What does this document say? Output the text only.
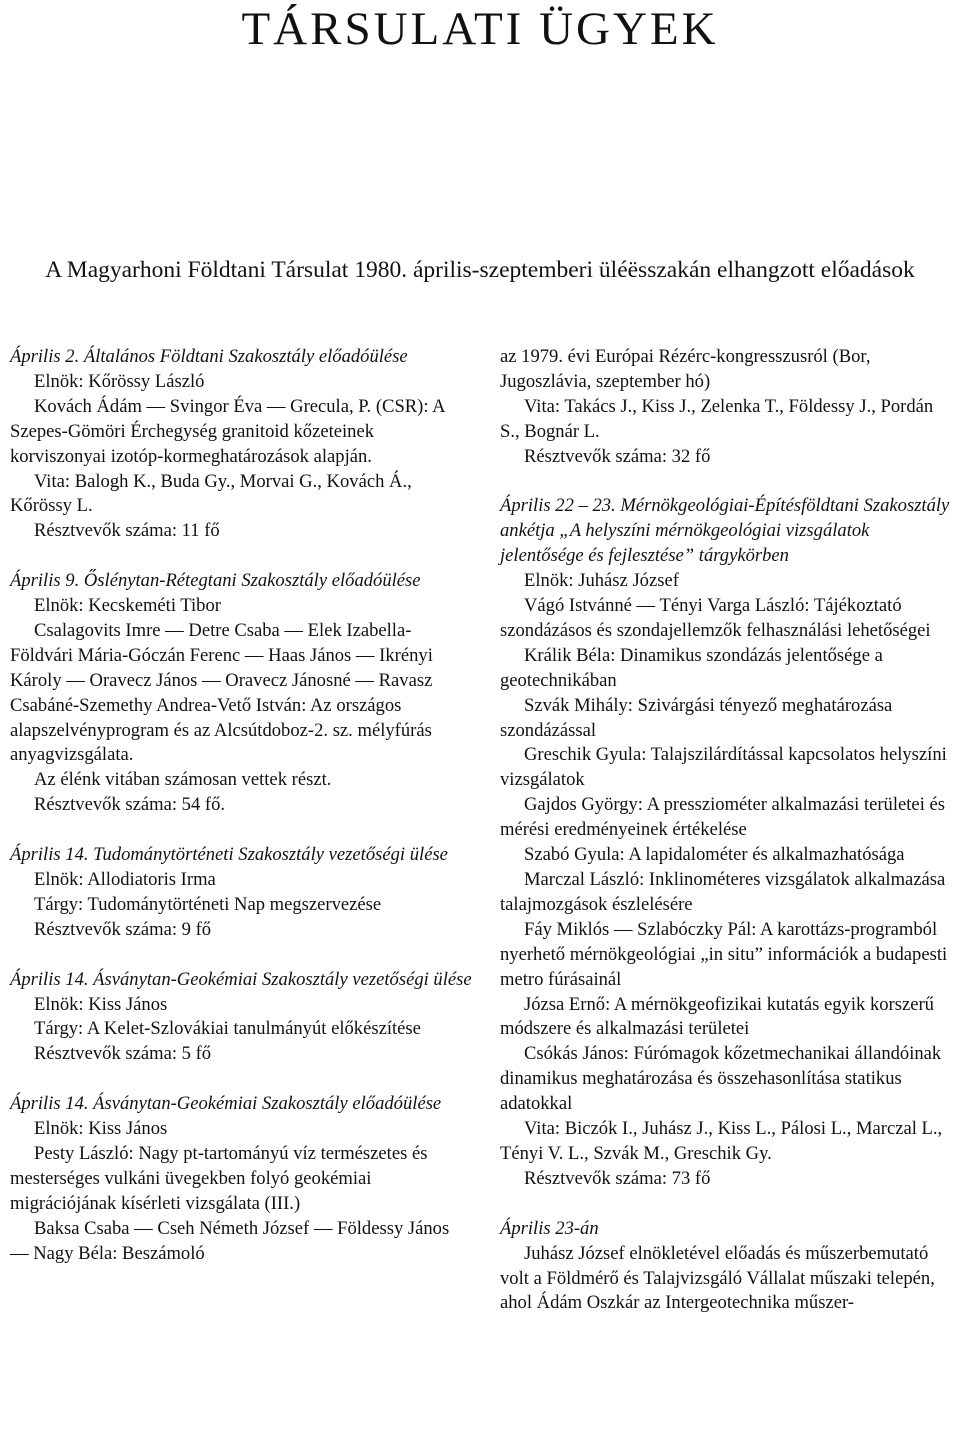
TÁRSULATI ÜGYEK

A Magyarhoni Földtani Társulat 1980. április-szeptemberi üléësszakán elhangzott előadások

Április 2. Általános Földtani Szakosztály előadóülése

Elnök: Kőrössy László

Kovách Ádám — Svingor Éva — Grecula, P. (CSR): A Szepes-Gömöri Érchegység granitoid kőzeteinek korviszonyai izotóp-kormeghatározások alapján.

Vita: Balogh K., Buda Gy., Morvai G., Kovách Á., Kőrössy L.

Résztvevők száma: 11 fő

Április 9. Őslénytan-Rétegtani Szakosztály előadóülése

Elnök: Kecskeméti Tibor

Csalagovits Imre — Detre Csaba — Elek Izabella-Földvári Mária-Góczán Ferenc — Haas János — Ikrényi Károly — Oravecz János — Oravecz Jánosné — Ravasz Csabáné-Szemethy Andrea-Vető István: Az országos alapszelvényprogram és az Alcsútdoboz-2. sz. mélyfúrás anyagvizsgálata.

Az élénk vitában számosan vettek részt.

Résztvevők száma: 54 fő.

Április 14. Tudománytörténeti Szakosztály vezetőségi ülése

Elnök: Allodiatoris Irma

Tárgy: Tudománytörténeti Nap megszervezése

Résztvevők száma: 9 fő

Április 14. Ásványtan-Geokémiai Szakosztály vezetőségi ülése

Elnök: Kiss János

Tárgy: A Kelet-Szlovákiai tanulmányút előkészítése

Résztvevők száma: 5 fő

Április 14. Ásványtan-Geokémiai Szakosztály előadóülése

Elnök: Kiss János

Pesty László: Nagy pt-tartományú víz természetes és mesterséges vulkáni üvegekben folyó geokémiai migrációjának kísérleti vizsgálata (III.)

Baksa Csaba — Cseh Németh József — Földessy János — Nagy Béla: Beszámoló

az 1979. évi Európai Rézérc-kongresszusról (Bor, Jugoszlávia, szeptember hó)

Vita: Takács J., Kiss J., Zelenka T., Földessy J., Pordán S., Bognár L.

Résztvevők száma: 32 fő

Április 22 – 23. Mérnökgeológiai-Építésföldtani Szakosztály ankétja „A helyszíni mérnökgeológiai vizsgálatok jelentősége és fejlesztése” tárgykörben

Elnök: Juhász József

Vágó Istvánné — Tényi Varga László: Tájékoztató szondázásos és szondajellemzők felhasználási lehetőségei

Králik Béla: Dinamikus szondázás jelentősége a geotechnikában

Szvák Mihály: Szivárgási tényező meghatározása szondázással

Greschik Gyula: Talajszilárdítással kapcsolatos helyszíni vizsgálatok

Gajdos György: A pressziométer alkalmazási területei és mérési eredményeinek értékelése

Szabó Gyula: A lapidalométer és alkalmazhatósága

Marczal László: Inklinométeres vizsgálatok alkalmazása talajmozgások észlelésére

Fáy Miklós — Szlabóczky Pál: A karottázs-programból nyerhető mérnökgeológiai „in situ” információk a budapesti metro fúrásainál

Józsa Ernő: A mérnökgeofizikai kutatás egyik korszerű módszere és alkalmazási területei

Csókás János: Fúrómagok kőzetmechanikai állandóinak dinamikus meghatározása és összehasonlítása statikus adatokkal

Vita: Biczók I., Juhász J., Kiss L., Pálosi L., Marczal L., Tényi V. L., Szvák M., Greschik Gy.

Résztvevők száma: 73 fő

Április 23-án

Juhász József elnökletével előadás és műszerbemutató volt a Földmérő és Talajvizsgáló Vállalat műszaki telepén, ahol Ádám Oszkár az Intergeotechnika műszer-
